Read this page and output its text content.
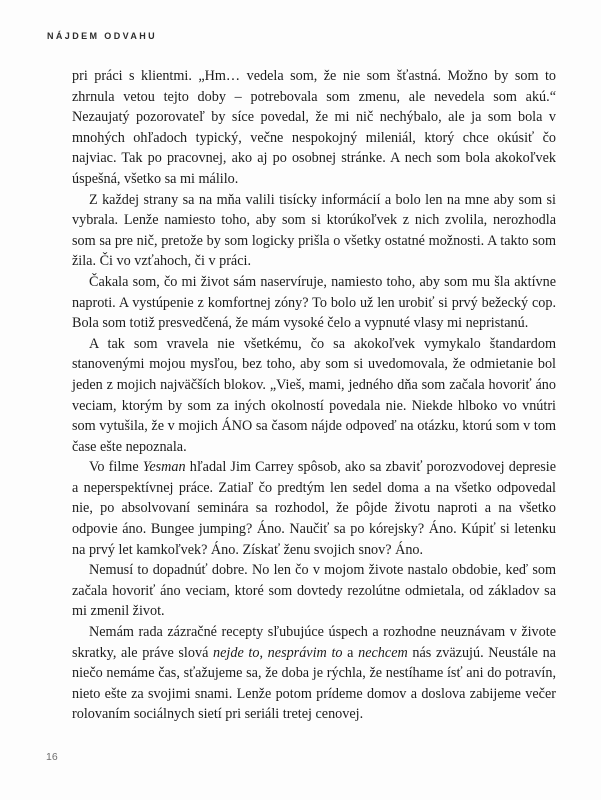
NÁJDEM ODVAHU

pri práci s klientmi. „Hm… vedela som, že nie som šťastná. Možno by som to zhrnula vetou tejto doby – potrebovala som zmenu, ale nevedela som akú.“ Nezaujatý pozorovateľ by síce povedal, že mi nič nechýbalo, ale ja som bola v mnohých ohľadoch typický, večne nespokojný mileniál, ktorý chce okúsiť čo najviac. Tak po pracovnej, ako aj po osobnej stránke. A nech som bola akokoľvek úspešná, všetko sa mi málilo.

Z každej strany sa na mňa valili tisícky informácií a bolo len na mne aby som si vybrala. Lenže namiesto toho, aby som si ktorúkoľvek z nich zvolila, nerozhodla som sa pre nič, pretože by som logicky prišla o všetky ostatné možnosti. A takto som žila. Či vo vzťahoch, či v práci.

Čakala som, čo mi život sám naservíruje, namiesto toho, aby som mu šla aktívne naproti. A vystúpenie z komfortnej zóny? To bolo už len urobiť si prvý bežecký cop. Bola som totiž presvedčená, že mám vysoké čelo a vypnuté vlasy mi nepristanú.

A tak som vravela nie všetkému, čo sa akokoľvek vymykalo štandardom stanovenými mojou mysľou, bez toho, aby som si uvedomovala, že odmietanie bol jeden z mojich najväčších blokov. „Vieš, mami, jedného dňa som začala hovoriť áno veciam, ktorým by som za iných okolností povedala nie. Niekde hlboko vo vnútri som vytušila, že v mojich ÁNO sa časom nájde odpoveď na otázku, ktorú som v tom čase ešte nepoznala.

Vo filme Yesman hľadal Jim Carrey spôsob, ako sa zbaviť porozvodovej depresie a neperspektívnej práce. Zatiaľ čo predtým len sedel doma a na všetko odpovedal nie, po absolvovaní seminára sa rozhodol, že pôjde životu naproti a na všetko odpovie áno. Bungee jumping? Áno. Naučiť sa po kórejsky? Áno. Kúpiť si letenku na prvý let kamkoľvek? Áno. Získať ženu svojich snov? Áno.

Nemusí to dopadnúť dobre. No len čo v mojom živote nastalo obdobie, keď som začala hovoriť áno veciam, ktoré som dovtedy rezolútne odmietala, od základov sa mi zmenil život.

Nemám rada zázračné recepty sľubujúce úspech a rozhodne neuznávam v živote skratky, ale práve slová nejde to, nesprávim to a nechcem nás zväzujú. Neustále na niečo nemáme čas, sťažujeme sa, že doba je rýchla, že nestíhame ísť ani do potravín, nieto ešte za svojimi snami. Lenže potom prídeme domov a doslova zabijeme večer rolovaním sociálnych sietí pri seriáli tretej cenovej.

16
